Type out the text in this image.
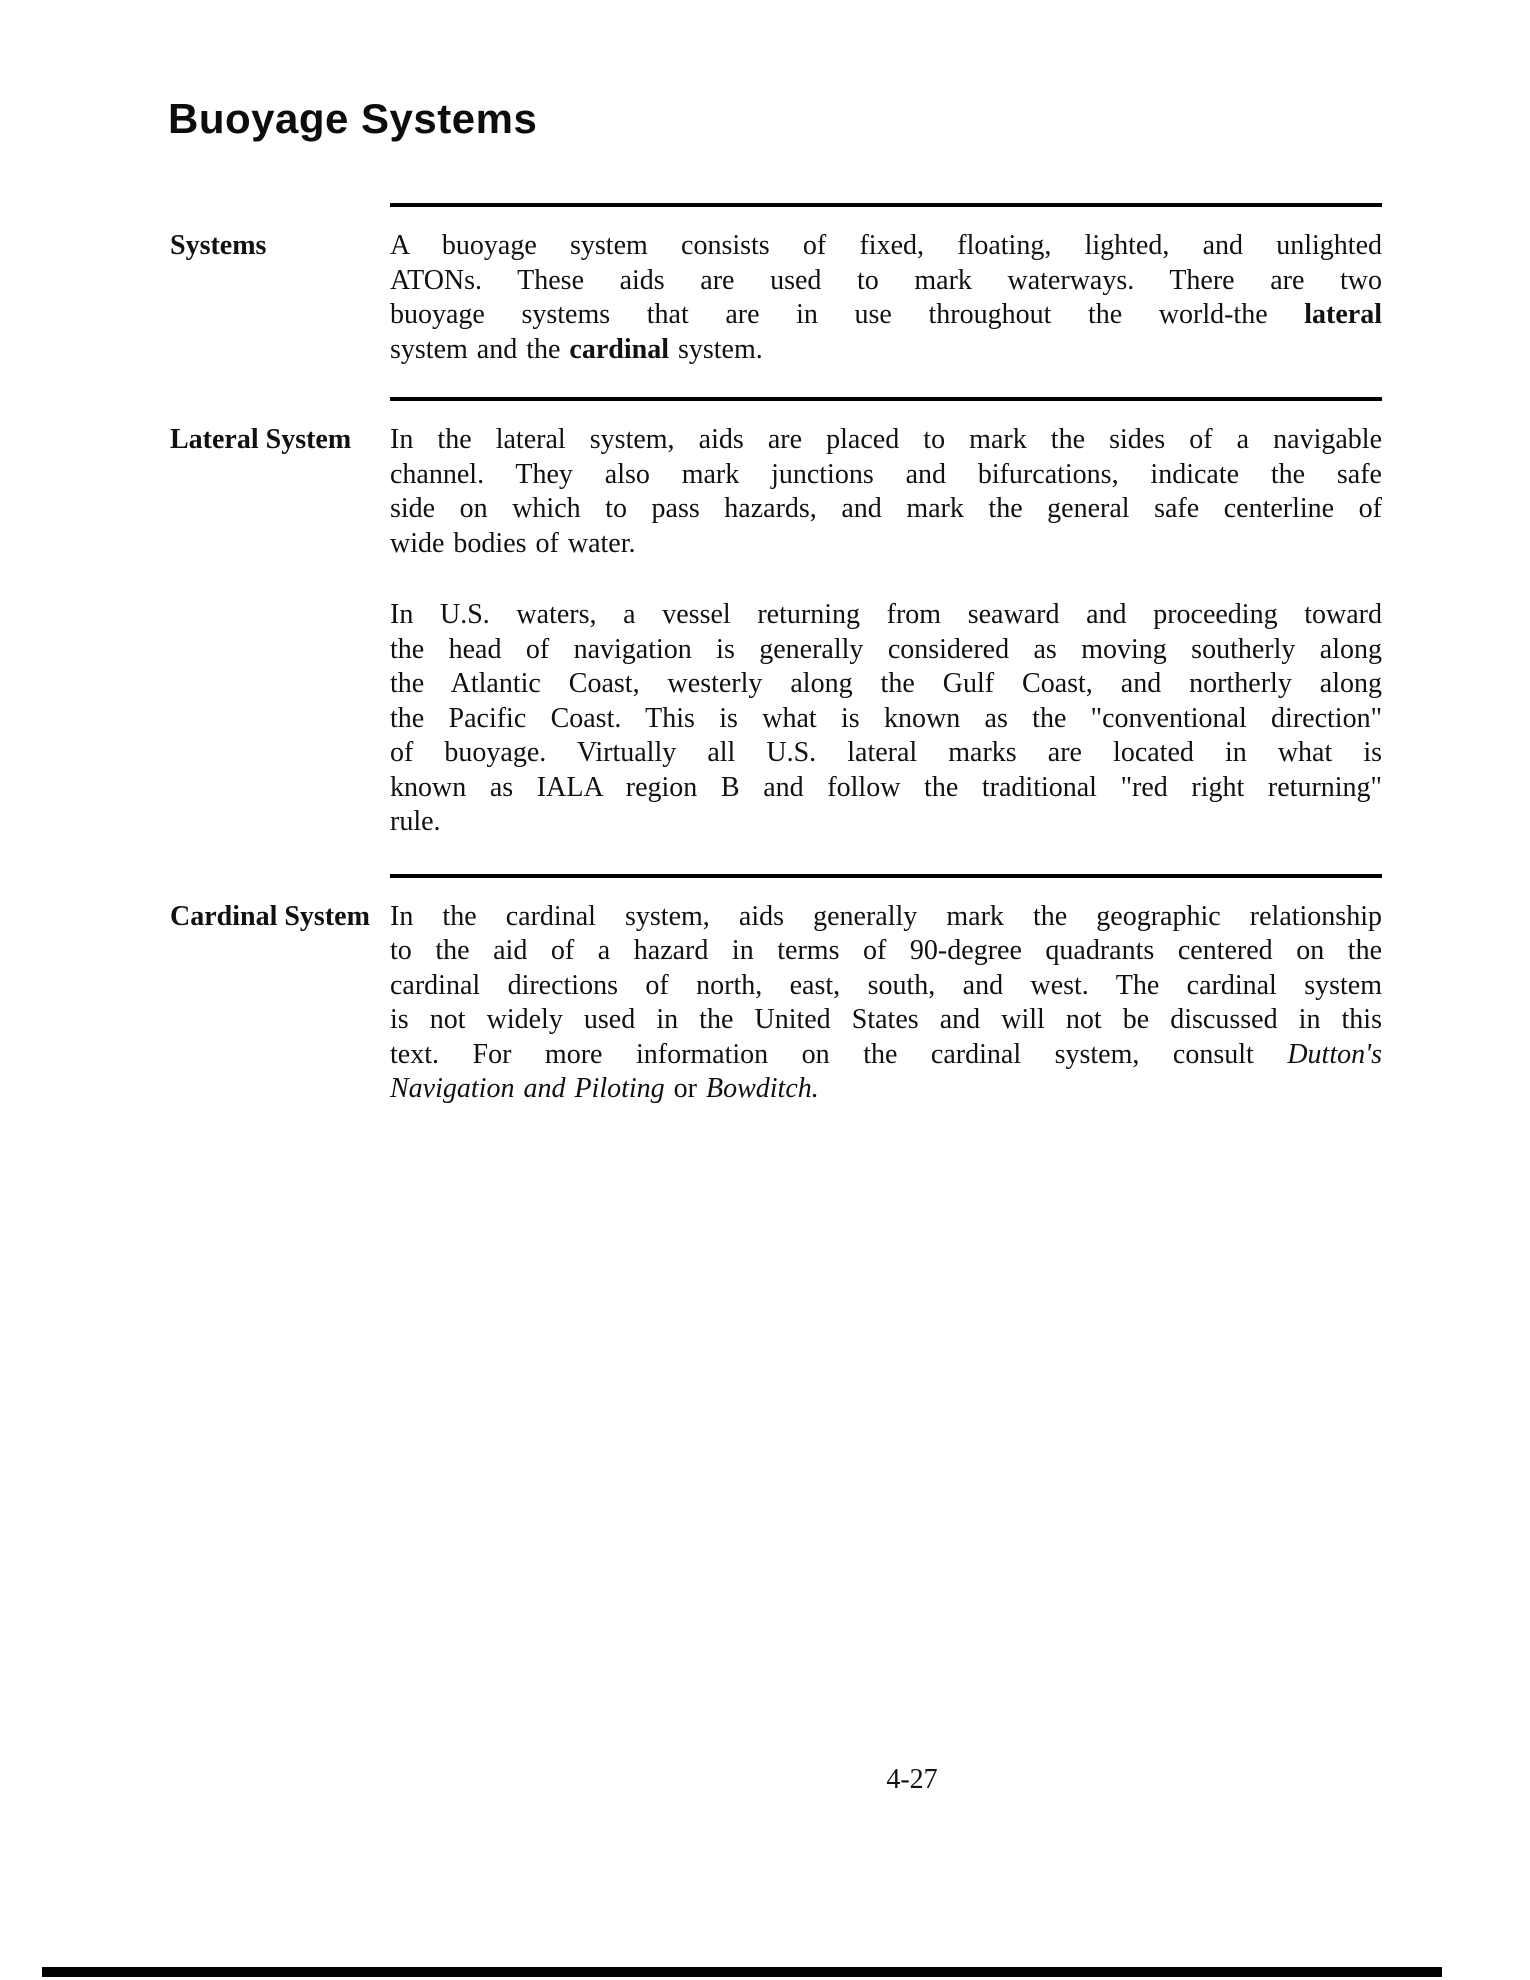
Buoyage Systems
Systems	A buoyage system consists of fixed, floating, lighted, and unlighted
ATONs. These aids are used to mark waterways. There are two
buoyage systems that are in use throughout the world-the lateral
system and the cardinal system.
Lateral System	In the lateral system, aids are placed to mark the sides of a navigable
channel. They also mark junctions and bifurcations, indicate the safe
side on which to pass hazards, and mark the general safe centerline of
wide bodies of water.
In U.S. waters, a vessel returning from seaward and proceeding toward
the head of navigation is generally considered as moving southerly along
the Atlantic Coast, westerly along the Gulf Coast, and northerly along
the Pacific Coast. This is what is known as the "conventional direction"
of buoyage. Virtually all U.S. lateral marks are located in what is
known as IALA region B and follow the traditional "red right returning"
rule.
Cardinal System In the cardinal system, aids generally mark the geographic relationship
to the aid of a hazard in terms of 90-degree quadrants centered on the
cardinal directions of north, east, south, and west. The cardinal system
is not widely used in the United States and will not be discussed in this
text. For more information on the cardinal system, consult Dutton's
Navigation and Piloting or Bowditch.
4-27
